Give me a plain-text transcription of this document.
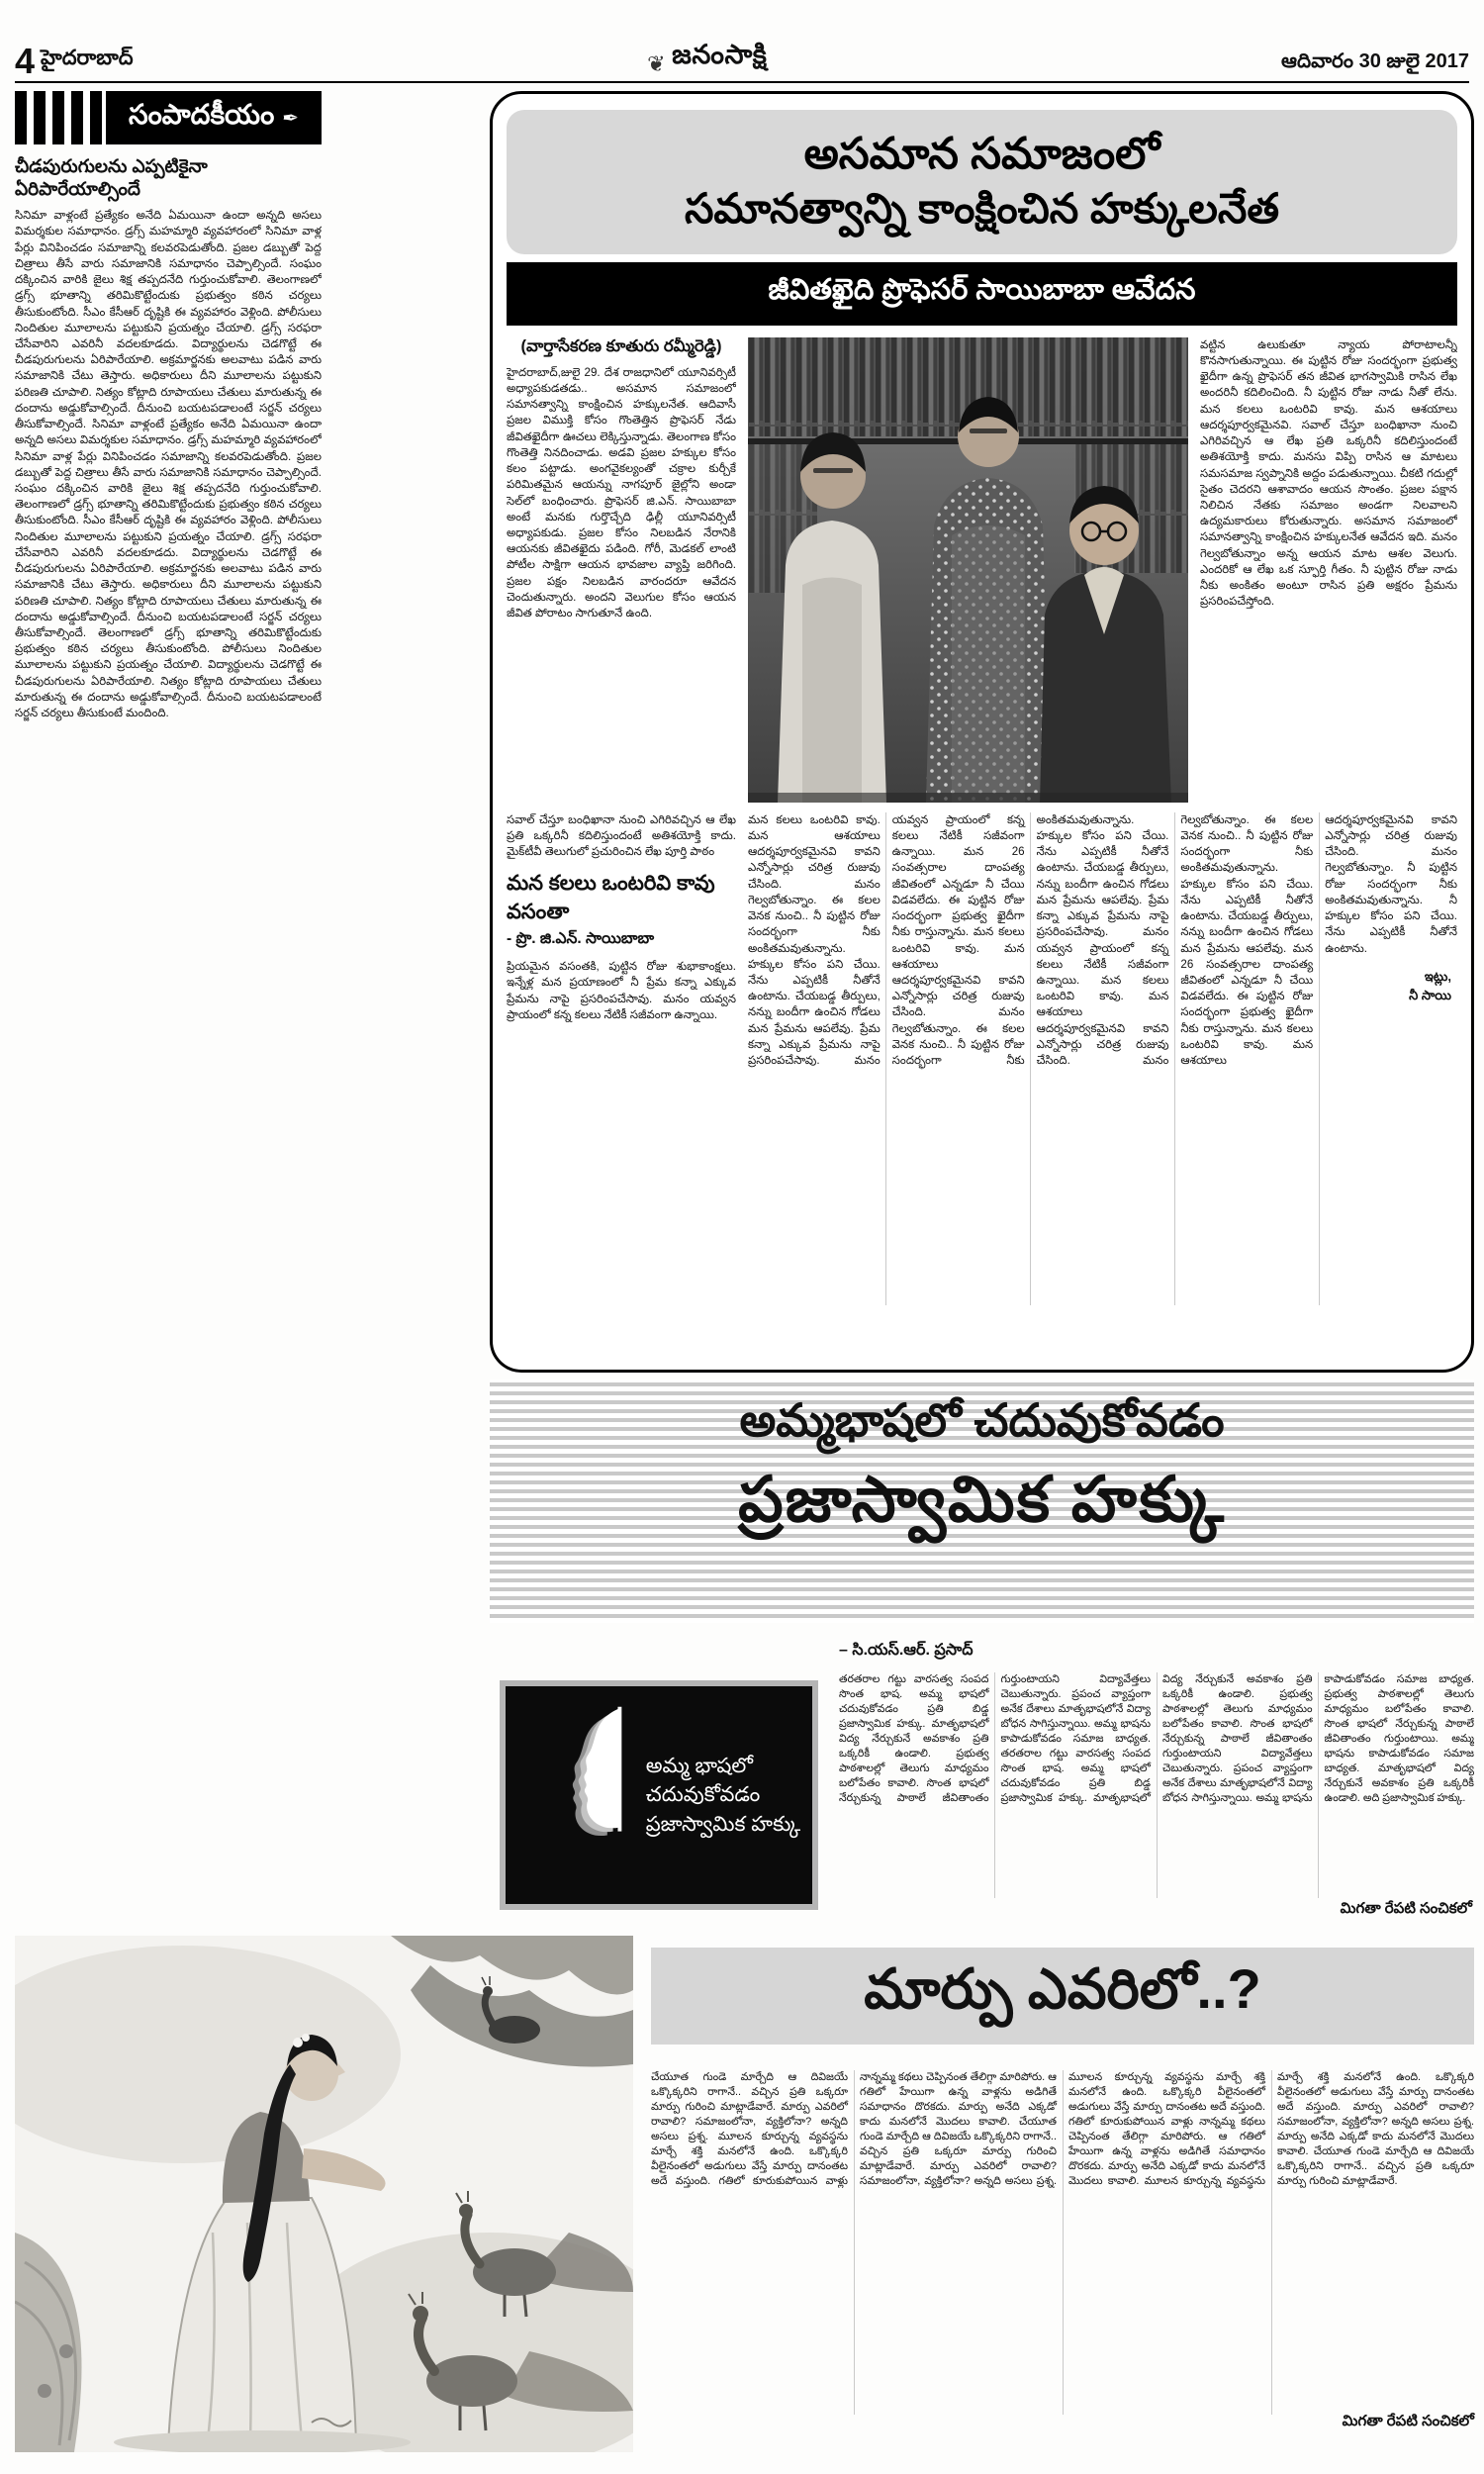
4 హైదరాబాద్	❦ జనంసాక్షి	ఆదివారం 30 జులై 2017
సంపాదకీయం ✒
చీడపురుగులను ఎప్పటికైనా ఏరిపారేయాల్సిందే
సినిమా వాళ్లంటే ప్రత్యేకం అనేది ఏమయినా ఉందా అన్నది అసలు విమర్శకుల సమాధానం. డ్రగ్స్ మహమ్మారి వ్యవహారంలో సినిమా వాళ్ల పేర్లు వినిపించడం సమాజాన్ని కలవరపెడుతోంది. ప్రజల డబ్బుతో పెద్ద చిత్రాలు తీసే వారు సమాజానికి సమాధానం చెప్పాల్సిందే. సంఘం దక్కించిన వారికి జైలు శిక్ష తప్పదనేది గుర్తుంచుకోవాలి. తెలంగాణలో డ్రగ్స్ భూతాన్ని తరిమికొట్టేందుకు ప్రభుత్వం కఠిన చర్యలు తీసుకుంటోంది. సీఎం కేసీఆర్ దృష్టికి ఈ వ్యవహారం వెళ్లింది. పోలీసులు నిందితుల మూలాలను పట్టుకుని ప్రయత్నం చేయాలి. డ్రగ్స్ సరఫరా చేసేవారిని ఎవరినీ వదలకూడదు. విద్యార్థులను చెడగొట్టే ఈ చీడపురుగులను ఏరిపారేయాలి. అక్రమార్జనకు అలవాటు పడిన వారు సమాజానికి చేటు తెస్తారు. అధికారులు దీని మూలాలను పట్టుకుని పరిణతి చూపాలి. నిత్యం కోట్లాది రూపాయలు చేతులు మారుతున్న ఈ దందాను అడ్డుకోవాల్సిందే. దీనుంచి బయటపడాలంటే సర్జన్ చర్యలు తీసుకోవాల్సిందే. సినిమా వాళ్లంటే ప్రత్యేకం అనేది ఏమయినా ఉందా అన్నది అసలు విమర్శకుల సమాధానం. డ్రగ్స్ మహమ్మారి వ్యవహారంలో సినిమా వాళ్ల పేర్లు వినిపించడం సమాజాన్ని కలవరపెడుతోంది. ప్రజల డబ్బుతో పెద్ద చిత్రాలు తీసే వారు సమాజానికి సమాధానం చెప్పాల్సిందే. సంఘం దక్కించిన వారికి జైలు శిక్ష తప్పదనేది గుర్తుంచుకోవాలి. తెలంగాణలో డ్రగ్స్ భూతాన్ని తరిమికొట్టేందుకు ప్రభుత్వం కఠిన చర్యలు తీసుకుంటోంది. సీఎం కేసీఆర్ దృష్టికి ఈ వ్యవహారం వెళ్లింది. పోలీసులు నిందితుల మూలాలను పట్టుకుని ప్రయత్నం చేయాలి. డ్రగ్స్ సరఫరా చేసేవారిని ఎవరినీ వదలకూడదు. విద్యార్థులను చెడగొట్టే ఈ చీడపురుగులను ఏరిపారేయాలి. అక్రమార్జనకు అలవాటు పడిన వారు సమాజానికి చేటు తెస్తారు. అధికారులు దీని మూలాలను పట్టుకుని పరిణతి చూపాలి. నిత్యం కోట్లాది రూపాయలు చేతులు మారుతున్న ఈ దందాను అడ్డుకోవాల్సిందే. దీనుంచి బయటపడాలంటే సర్జన్ చర్యలు తీసుకోవాల్సిందే. తెలంగాణలో డ్రగ్స్ భూతాన్ని తరిమికొట్టేందుకు ప్రభుత్వం కఠిన చర్యలు తీసుకుంటోంది. పోలీసులు నిందితుల మూలాలను పట్టుకుని ప్రయత్నం చేయాలి. విద్యార్థులను చెడగొట్టే ఈ చీడపురుగులను ఏరిపారేయాలి. నిత్యం కోట్లాది రూపాయలు చేతులు మారుతున్న ఈ దందాను అడ్డుకోవాల్సిందే. దీనుంచి బయటపడాలంటే సర్జన్ చర్యలు తీసుకుంటే మందింది.
అసమాన సమాజంలో
సమానత్వాన్ని కాంక్షించిన హక్కులనేత
జీవితఖైది ప్రొఫెసర్ సాయిబాబా ఆవేదన
(వార్తాసేకరణ కూతురు రమ్మీరెడ్డి)
హైదరాబాద్,జులై 29. దేశ రాజధానిలో యూనివర్సిటీ అధ్యాపకుడతడు.. అసమాన సమాజంలో సమానత్వాన్ని కాంక్షించిన హక్కులనేత. ఆదివాసీ ప్రజల విముక్తి కోసం గొంతెత్తిన ప్రొఫెసర్ నేడు జీవితఖైదీగా ఊచలు లెక్కిస్తున్నాడు. తెలంగాణ కోసం గొంతెత్తి నినదించాడు. అడవి ప్రజల హక్కుల కోసం కలం పట్టాడు. అంగవైకల్యంతో చక్రాల కుర్చీకే పరిమితమైన ఆయన్ను నాగపూర్ జైల్లోని అండా సెల్‌లో బంధించారు. ప్రొఫెసర్ జి.ఎన్. సాయిబాబా అంటే మనకు గుర్తొచ్చేది ఢిల్లీ యూనివర్సిటీ అధ్యాపకుడు. ప్రజల కోసం నిలబడిన నేరానికి ఆయనకు జీవితఖైదు పడింది. గోరీ, మెడకల్ లాంటి పోటీల సాక్షిగా ఆయన భావజాల వ్యాప్తి జరిగింది. ప్రజల పక్షం నిలబడిన వారందరూ ఆవేదన చెందుతున్నారు. అందని వెలుగుల కోసం ఆయన జీవిత పోరాటం సాగుతూనే ఉంది.
వట్టిన ఉలుకుతూ న్యాయ పోరాటాలన్నీ కొనసాగుతున్నాయి. ఈ పుట్టిన రోజు సందర్భంగా ప్రభుత్వ ఖైదీగా ఉన్న ప్రొఫెసర్ తన జీవిత భాగస్వామికి రాసిన లేఖ అందరినీ కదిలించింది. నీ పుట్టిన రోజు నాడు నీతో లేను. మన కలలు ఒంటరివి కావు. మన ఆశయాలు ఆదర్శపూర్వకమైనవి. సవాల్ చేస్తూ బంధిఖానా నుంచి ఎగిరివచ్చిన ఆ లేఖ ప్రతి ఒక్కరినీ కదిలిస్తుందంటే అతిశయోక్తి కాదు. మనసు విప్పి రాసిన ఆ మాటలు సమసమాజ స్వప్నానికి అద్దం పడుతున్నాయి. చీకటి గదుల్లో సైతం చెదరని ఆశావాదం ఆయన సొంతం. ప్రజల పక్షాన నిలిచిన నేతకు సమాజం అండగా నిలవాలని ఉద్యమకారులు కోరుతున్నారు. అసమాన సమాజంలో సమానత్వాన్ని కాంక్షించిన హక్కులనేత ఆవేదన ఇది. మనం గెల్వబోతున్నాం అన్న ఆయన మాట ఆశల వెలుగు. ఎందరికో ఆ లేఖ ఒక స్ఫూర్తి గీతం. నీ పుట్టిన రోజు నాడు నీకు అంకితం అంటూ రాసిన ప్రతి అక్షరం ప్రేమను ప్రసరింపచేస్తోంది.
సవాల్ చేస్తూ బంధిఖానా నుంచి ఎగిరివచ్చిన ఆ లేఖ ప్రతి ఒక్కరినీ కదిలిస్తుందంటే అతిశయోక్తి కాదు. మైక్‌టీవీ తెలుగులో ప్రచురించిన లేఖ పూర్తి పాఠం
మన కలలు ఒంటరివి కావు వసంతా
- ప్రొ. జి.ఎన్. సాయిబాబా
ప్రియమైన వసంతకి, పుట్టిన రోజు శుభాకాంక్షలు. ఇన్నేళ్ల మన ప్రయాణంలో నీ ప్రేమ కన్నా ఎక్కువ ప్రేమను నాపై ప్రసరింపచేసావు. మనం యవ్వన ప్రాయంలో కన్న కలలు నేటికీ సజీవంగా ఉన్నాయి.
మన కలలు ఒంటరివి కావు. మన ఆశయాలు ఆదర్శపూర్వకమైనవి కావని ఎన్నోసార్లు చరిత్ర రుజువు చేసింది. మనం గెల్వబోతున్నాం. ఈ కలల వెనక నుంచి.. నీ పుట్టిన రోజు సందర్భంగా నీకు అంకితమవుతున్నాను. హక్కుల కోసం పని చేయి. నేను ఎప్పటికీ నీతోనే ఉంటాను. చేయబడ్డ తీర్పులు, నన్ను బందీగా ఉంచిన గోడలు మన ప్రేమను ఆపలేవు. ప్రేమ కన్నా ఎక్కువ ప్రేమను నాపై ప్రసరింపచేసావు. మనం యవ్వన ప్రాయంలో కన్న కలలు నేటికీ సజీవంగా ఉన్నాయి. మన 26 సంవత్సరాల దాంపత్య జీవితంలో ఎన్నడూ నీ చేయి విడవలేదు. ఈ పుట్టిన రోజు సందర్భంగా ప్రభుత్వ ఖైదీగా నీకు రాస్తున్నాను. మన కలలు ఒంటరివి కావు. మన ఆశయాలు ఆదర్శపూర్వకమైనవి కావని ఎన్నోసార్లు చరిత్ర రుజువు చేసింది. మనం గెల్వబోతున్నాం. ఈ కలల వెనక నుంచి.. నీ పుట్టిన రోజు సందర్భంగా నీకు అంకితమవుతున్నాను. హక్కుల కోసం పని చేయి. నేను ఎప్పటికీ నీతోనే ఉంటాను. చేయబడ్డ తీర్పులు, నన్ను బందీగా ఉంచిన గోడలు మన ప్రేమను ఆపలేవు. ప్రేమ కన్నా ఎక్కువ ప్రేమను నాపై ప్రసరింపచేసావు. మనం యవ్వన ప్రాయంలో కన్న కలలు నేటికీ సజీవంగా ఉన్నాయి. మన కలలు ఒంటరివి కావు. మన ఆశయాలు ఆదర్శపూర్వకమైనవి కావని ఎన్నోసార్లు చరిత్ర రుజువు చేసింది. మనం గెల్వబోతున్నాం. ఈ కలల వెనక నుంచి.. నీ పుట్టిన రోజు సందర్భంగా నీకు అంకితమవుతున్నాను. హక్కుల కోసం పని చేయి. నేను ఎప్పటికీ నీతోనే ఉంటాను. చేయబడ్డ తీర్పులు, నన్ను బందీగా ఉంచిన గోడలు మన ప్రేమను ఆపలేవు. మన 26 సంవత్సరాల దాంపత్య జీవితంలో ఎన్నడూ నీ చేయి విడవలేదు. ఈ పుట్టిన రోజు సందర్భంగా ప్రభుత్వ ఖైదీగా నీకు రాస్తున్నాను. మన కలలు ఒంటరివి కావు. మన ఆశయాలు ఆదర్శపూర్వకమైనవి కావని ఎన్నోసార్లు చరిత్ర రుజువు చేసింది. మనం గెల్వబోతున్నాం. నీ పుట్టిన రోజు సందర్భంగా నీకు అంకితమవుతున్నాను. నీ హక్కుల కోసం పని చేయి. నేను ఎప్పటికీ నీతోనే ఉంటాను.
ఇట్లు,
నీ సాయి
అమ్మభాషలో చదువుకోవడం
ప్రజాస్వామిక హక్కు
– సి.యస్.ఆర్. ప్రసాద్
అమ్మ భాషలో చదువుకోవడం ప్రజాస్వామిక హక్కు
తరతరాల గట్టు వారసత్వ సంపద సొంత భాష. అమ్మ భాషలో చదువుకోవడం ప్రతి బిడ్డ ప్రజాస్వామిక హక్కు. మాతృభాషలో విద్య నేర్చుకునే అవకాశం ప్రతి ఒక్కరికీ ఉండాలి. ప్రభుత్వ పాఠశాలల్లో తెలుగు మాధ్యమం బలోపేతం కావాలి. సొంత భాషలో నేర్చుకున్న పాఠాలే జీవితాంతం గుర్తుంటాయని విద్యావేత్తలు చెబుతున్నారు. ప్రపంచ వ్యాప్తంగా అనేక దేశాలు మాతృభాషలోనే విద్యా బోధన సాగిస్తున్నాయి. అమ్మ భాషను కాపాడుకోవడం సమాజ బాధ్యత. తరతరాల గట్టు వారసత్వ సంపద సొంత భాష. అమ్మ భాషలో చదువుకోవడం ప్రతి బిడ్డ ప్రజాస్వామిక హక్కు. మాతృభాషలో విద్య నేర్చుకునే అవకాశం ప్రతి ఒక్కరికీ ఉండాలి. ప్రభుత్వ పాఠశాలల్లో తెలుగు మాధ్యమం బలోపేతం కావాలి. సొంత భాషలో నేర్చుకున్న పాఠాలే జీవితాంతం గుర్తుంటాయని విద్యావేత్తలు చెబుతున్నారు. ప్రపంచ వ్యాప్తంగా అనేక దేశాలు మాతృభాషలోనే విద్యా బోధన సాగిస్తున్నాయి. అమ్మ భాషను కాపాడుకోవడం సమాజ బాధ్యత. ప్రభుత్వ పాఠశాలల్లో తెలుగు మాధ్యమం బలోపేతం కావాలి. సొంత భాషలో నేర్చుకున్న పాఠాలే జీవితాంతం గుర్తుంటాయి. అమ్మ భాషను కాపాడుకోవడం సమాజ బాధ్యత. మాతృభాషలో విద్య నేర్చుకునే అవకాశం ప్రతి ఒక్కరికీ ఉండాలి. అది ప్రజాస్వామిక హక్కు.
మిగతా రేపటి సంచికలో
మార్పు ఎవరిలో..?
చేయూత గుండె మార్చేది ఆ దివిజయే ఒక్కొక్కరిని రాగానే.. వచ్చిన ప్రతి ఒక్కరూ మార్పు గురించి మాట్లాడేవారే. మార్పు ఎవరిలో రావాలి? సమాజంలోనా, వ్యక్తిలోనా? అన్నది అసలు ప్రశ్న. మూలన కూర్చున్న వ్యవస్థను మార్చే శక్తి మనలోనే ఉంది. ఒక్కొక్కరి వీలైనంతలో అడుగులు వేస్తే మార్పు దానంతట అదే వస్తుంది. గతిలో కూరుకుపోయిన వాళ్లు నాన్నమ్మ కథలు చెప్పినంత తేలిగ్గా మారిపోరు. ఆ గతిలో హేయిగా ఉన్న వాళ్లను అడిగితే సమాధానం దొరకదు. మార్పు అనేది ఎక్కడో కాదు మనలోనే మొదలు కావాలి. చేయూత గుండె మార్చేది ఆ దివిజయే ఒక్కొక్కరిని రాగానే.. వచ్చిన ప్రతి ఒక్కరూ మార్పు గురించి మాట్లాడేవారే. మార్పు ఎవరిలో రావాలి? సమాజంలోనా, వ్యక్తిలోనా? అన్నది అసలు ప్రశ్న. మూలన కూర్చున్న వ్యవస్థను మార్చే శక్తి మనలోనే ఉంది. ఒక్కొక్కరి వీలైనంతలో అడుగులు వేస్తే మార్పు దానంతట అదే వస్తుంది. గతిలో కూరుకుపోయిన వాళ్లు నాన్నమ్మ కథలు చెప్పినంత తేలిగ్గా మారిపోరు. ఆ గతిలో హేయిగా ఉన్న వాళ్లను అడిగితే సమాధానం దొరకదు. మార్పు అనేది ఎక్కడో కాదు మనలోనే మొదలు కావాలి. మూలన కూర్చున్న వ్యవస్థను మార్చే శక్తి మనలోనే ఉంది. ఒక్కొక్కరి వీలైనంతలో అడుగులు వేస్తే మార్పు దానంతట అదే వస్తుంది. మార్పు ఎవరిలో రావాలి? సమాజంలోనా, వ్యక్తిలోనా? అన్నది అసలు ప్రశ్న. మార్పు అనేది ఎక్కడో కాదు మనలోనే మొదలు కావాలి. చేయూత గుండె మార్చేది ఆ దివిజయే ఒక్కొక్కరిని రాగానే.. వచ్చిన ప్రతి ఒక్కరూ మార్పు గురించి మాట్లాడేవారే.
మిగతా రేపటి సంచికలో
